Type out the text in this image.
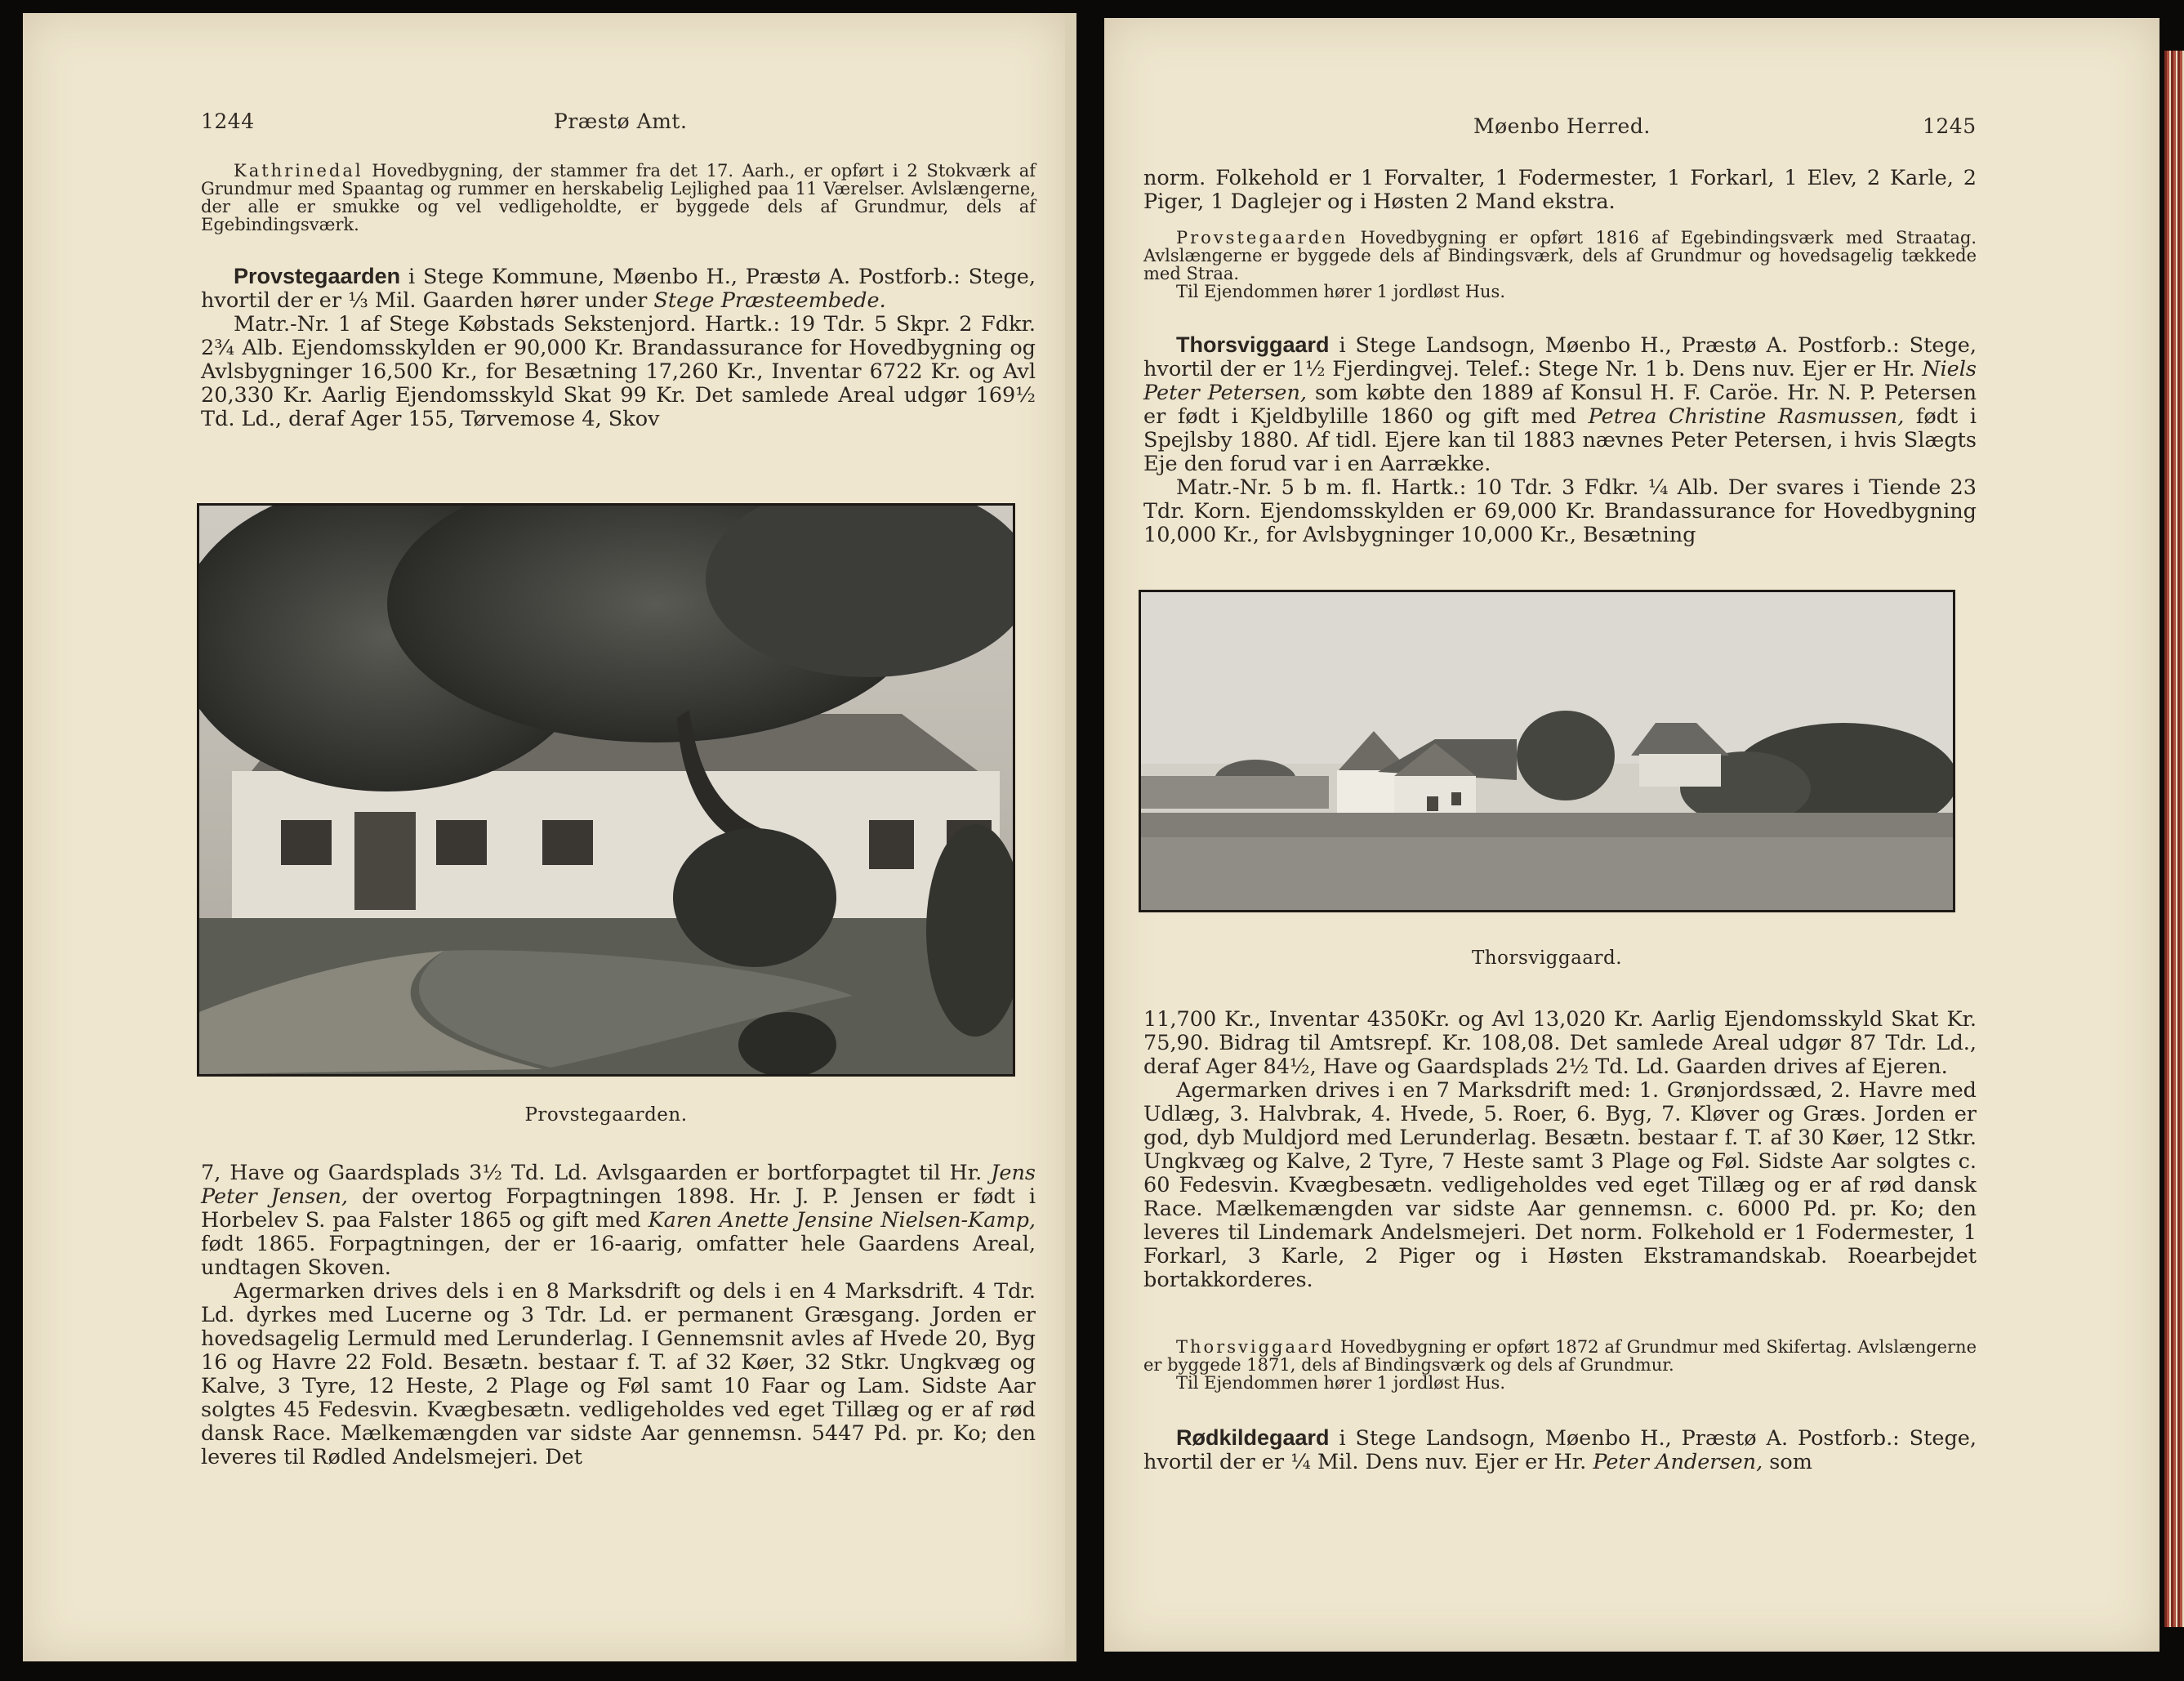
1244	Præstø Amt.

Kathrinedal Hovedbygning, der stammer fra det 17. Aarh., er opført i 2 Stokværk af Grundmur med Spaantag og rummer en herskabelig Lejlighed paa 11 Værelser. Avlslængerne, der alle er smukke og vel vedligeholdte, er byggede dels af Grundmur, dels af Egebindingsværk.

Provstegaarden i Stege Kommune, Møenbo H., Præstø A. Postforb.: Stege, hvortil der er ⅓ Mil. Gaarden hører under Stege Præsteembede.

Matr.-Nr. 1 af Stege Købstads Sekstenjord. Hartk.: 19 Tdr. 5 Skpr. 2 Fdkr. 2¾ Alb. Ejendomsskylden er 90,000 Kr. Brandassurance for Hovedbygning og Avlsbygninger 16,500 Kr., for Besætning 17,260 Kr., Inventar 6722 Kr. og Avl 20,330 Kr. Aarlig Ejendomsskyld Skat 99 Kr. Det samlede Areal udgør 169½ Td. Ld., deraf Ager 155, Tørvemose 4, Skov

Provstegaarden.

7, Have og Gaardsplads 3½ Td. Ld. Avlsgaarden er bortforpagtet til Hr. Jens Peter Jensen, der overtog Forpagtningen 1898. Hr. J. P. Jensen er født i Horbelev S. paa Falster 1865 og gift med Karen Anette Jensine Nielsen-Kamp, født 1865. Forpagtningen, der er 16-aarig, omfatter hele Gaardens Areal, undtagen Skoven.

Agermarken drives dels i en 8 Marksdrift og dels i en 4 Marksdrift. 4 Tdr. Ld. dyrkes med Lucerne og 3 Tdr. Ld. er permanent Græsgang. Jorden er hovedsagelig Lermuld med Lerunderlag. I Gennemsnit avles af Hvede 20, Byg 16 og Havre 22 Fold. Besætn. bestaar f. T. af 32 Køer, 32 Stkr. Ungkvæg og Kalve, 3 Tyre, 12 Heste, 2 Plage og Føl samt 10 Faar og Lam. Sidste Aar solgtes 45 Fedesvin. Kvægbesætn. vedligeholdes ved eget Tillæg og er af rød dansk Race. Mælkemængden var sidste Aar gennemsn. 5447 Pd. pr. Ko; den leveres til Rødled Andelsmejeri. Det

Møenbo Herred.	1245

norm. Folkehold er 1 Forvalter, 1 Fodermester, 1 Forkarl, 1 Elev, 2 Karle, 2 Piger, 1 Daglejer og i Høsten 2 Mand ekstra.

Provstegaarden Hovedbygning er opført 1816 af Egebindingsværk med Straatag. Avlslængerne er byggede dels af Bindingsværk, dels af Grundmur og hovedsagelig tækkede med Straa.

Til Ejendommen hører 1 jordløst Hus.

Thorsviggaard i Stege Landsogn, Møenbo H., Præstø A. Postforb.: Stege, hvortil der er 1½ Fjerdingvej. Telef.: Stege Nr. 1 b. Dens nuv. Ejer er Hr. Niels Peter Petersen, som købte den 1889 af Konsul H. F. Caröe. Hr. N. P. Petersen er født i Kjeldbylille 1860 og gift med Petrea Christine Rasmussen, født i Spejlsby 1880. Af tidl. Ejere kan til 1883 nævnes Peter Petersen, i hvis Slægts Eje den forud var i en Aarrække.

Matr.-Nr. 5 b m. fl. Hartk.: 10 Tdr. 3 Fdkr. ¼ Alb. Der svares i Tiende 23 Tdr. Korn. Ejendomsskylden er 69,000 Kr. Brandassurance for Hovedbygning 10,000 Kr., for Avlsbygninger 10,000 Kr., Besætning

Thorsviggaard.

11,700 Kr., Inventar 4350Kr. og Avl 13,020 Kr. Aarlig Ejendomsskyld Skat Kr. 75,90. Bidrag til Amtsrepf. Kr. 108,08. Det samlede Areal udgør 87 Tdr. Ld., deraf Ager 84½, Have og Gaardsplads 2½ Td. Ld. Gaarden drives af Ejeren.

Agermarken drives i en 7 Marksdrift med: 1. Grønjordssæd, 2. Havre med Udlæg, 3. Halvbrak, 4. Hvede, 5. Roer, 6. Byg, 7. Kløver og Græs. Jorden er god, dyb Muldjord med Lerunderlag. Besætn. bestaar f. T. af 30 Køer, 12 Stkr. Ungkvæg og Kalve, 2 Tyre, 7 Heste samt 3 Plage og Føl. Sidste Aar solgtes c. 60 Fedesvin. Kvægbesætn. vedligeholdes ved eget Tillæg og er af rød dansk Race. Mælkemængden var sidste Aar gennemsn. c. 6000 Pd. pr. Ko; den leveres til Lindemark Andelsmejeri. Det norm. Folkehold er 1 Fodermester, 1 Forkarl, 3 Karle, 2 Piger og i Høsten Ekstramandskab. Roearbejdet bortakkorderes.

Thorsviggaard Hovedbygning er opført 1872 af Grundmur med Skifertag. Avlslængerne er byggede 1871, dels af Bindingsværk og dels af Grundmur.

Til Ejendommen hører 1 jordløst Hus.

Rødkildegaard i Stege Landsogn, Møenbo H., Præstø A. Postforb.: Stege, hvortil der er ¼ Mil. Dens nuv. Ejer er Hr. Peter Andersen, som
